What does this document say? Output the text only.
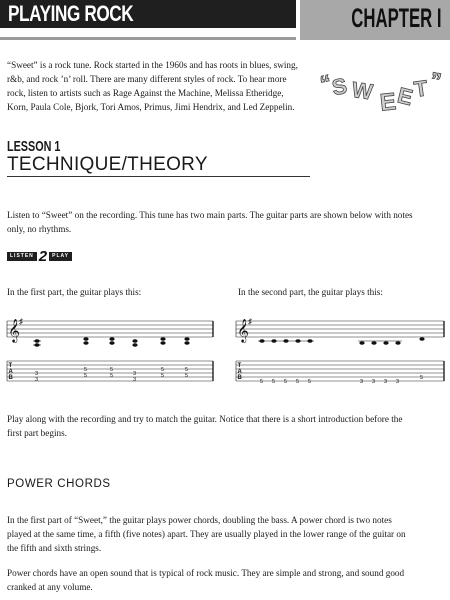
PLAYING ROCK	CHAPTER I
“Sweet” is a rock tune. Rock started in the 1960s and has roots in blues, swing,
r&b, and rock ’n’ roll. There are many different styles of rock. To hear more
rock, listen to artists such as Rage Against the Machine, Melissa Etheridge,
Korn, Paula Cole, Bjork, Tori Amos, Primus, Jimi Hendrix, and Led Zeppelin.
“
S W E
E
T
”
“SWEET”
LESSON 1
TECHNIQUE/THEORY
Listen to “Sweet” on the recording. This tune has two main parts. The guitar parts are shown below with notes
only, no rhythms.
LISTEN 2	PLAY
In the first part, the guitar plays this:	In the second part, the guitar plays this:
𝄞 ♯
T
A
B
3
3
5
5
5
5	3
3
5
5
5
5
𝄞 ♯
T
A
B
5 5 5 5 5	3 3 3 3
5
Play along with the recording and try to match the guitar. Notice that there is a short introduction before the
first part begins.
POWER CHORDS
In the first part of “Sweet,” the guitar plays power chords, doubling the bass. A power chord is two notes
played at the same time, a fifth (five notes) apart. They are usually played in the lower range of the guitar on
the fifth and sixth strings.
Power chords have an open sound that is typical of rock music. They are simple and strong, and sound good
cranked at any volume.
